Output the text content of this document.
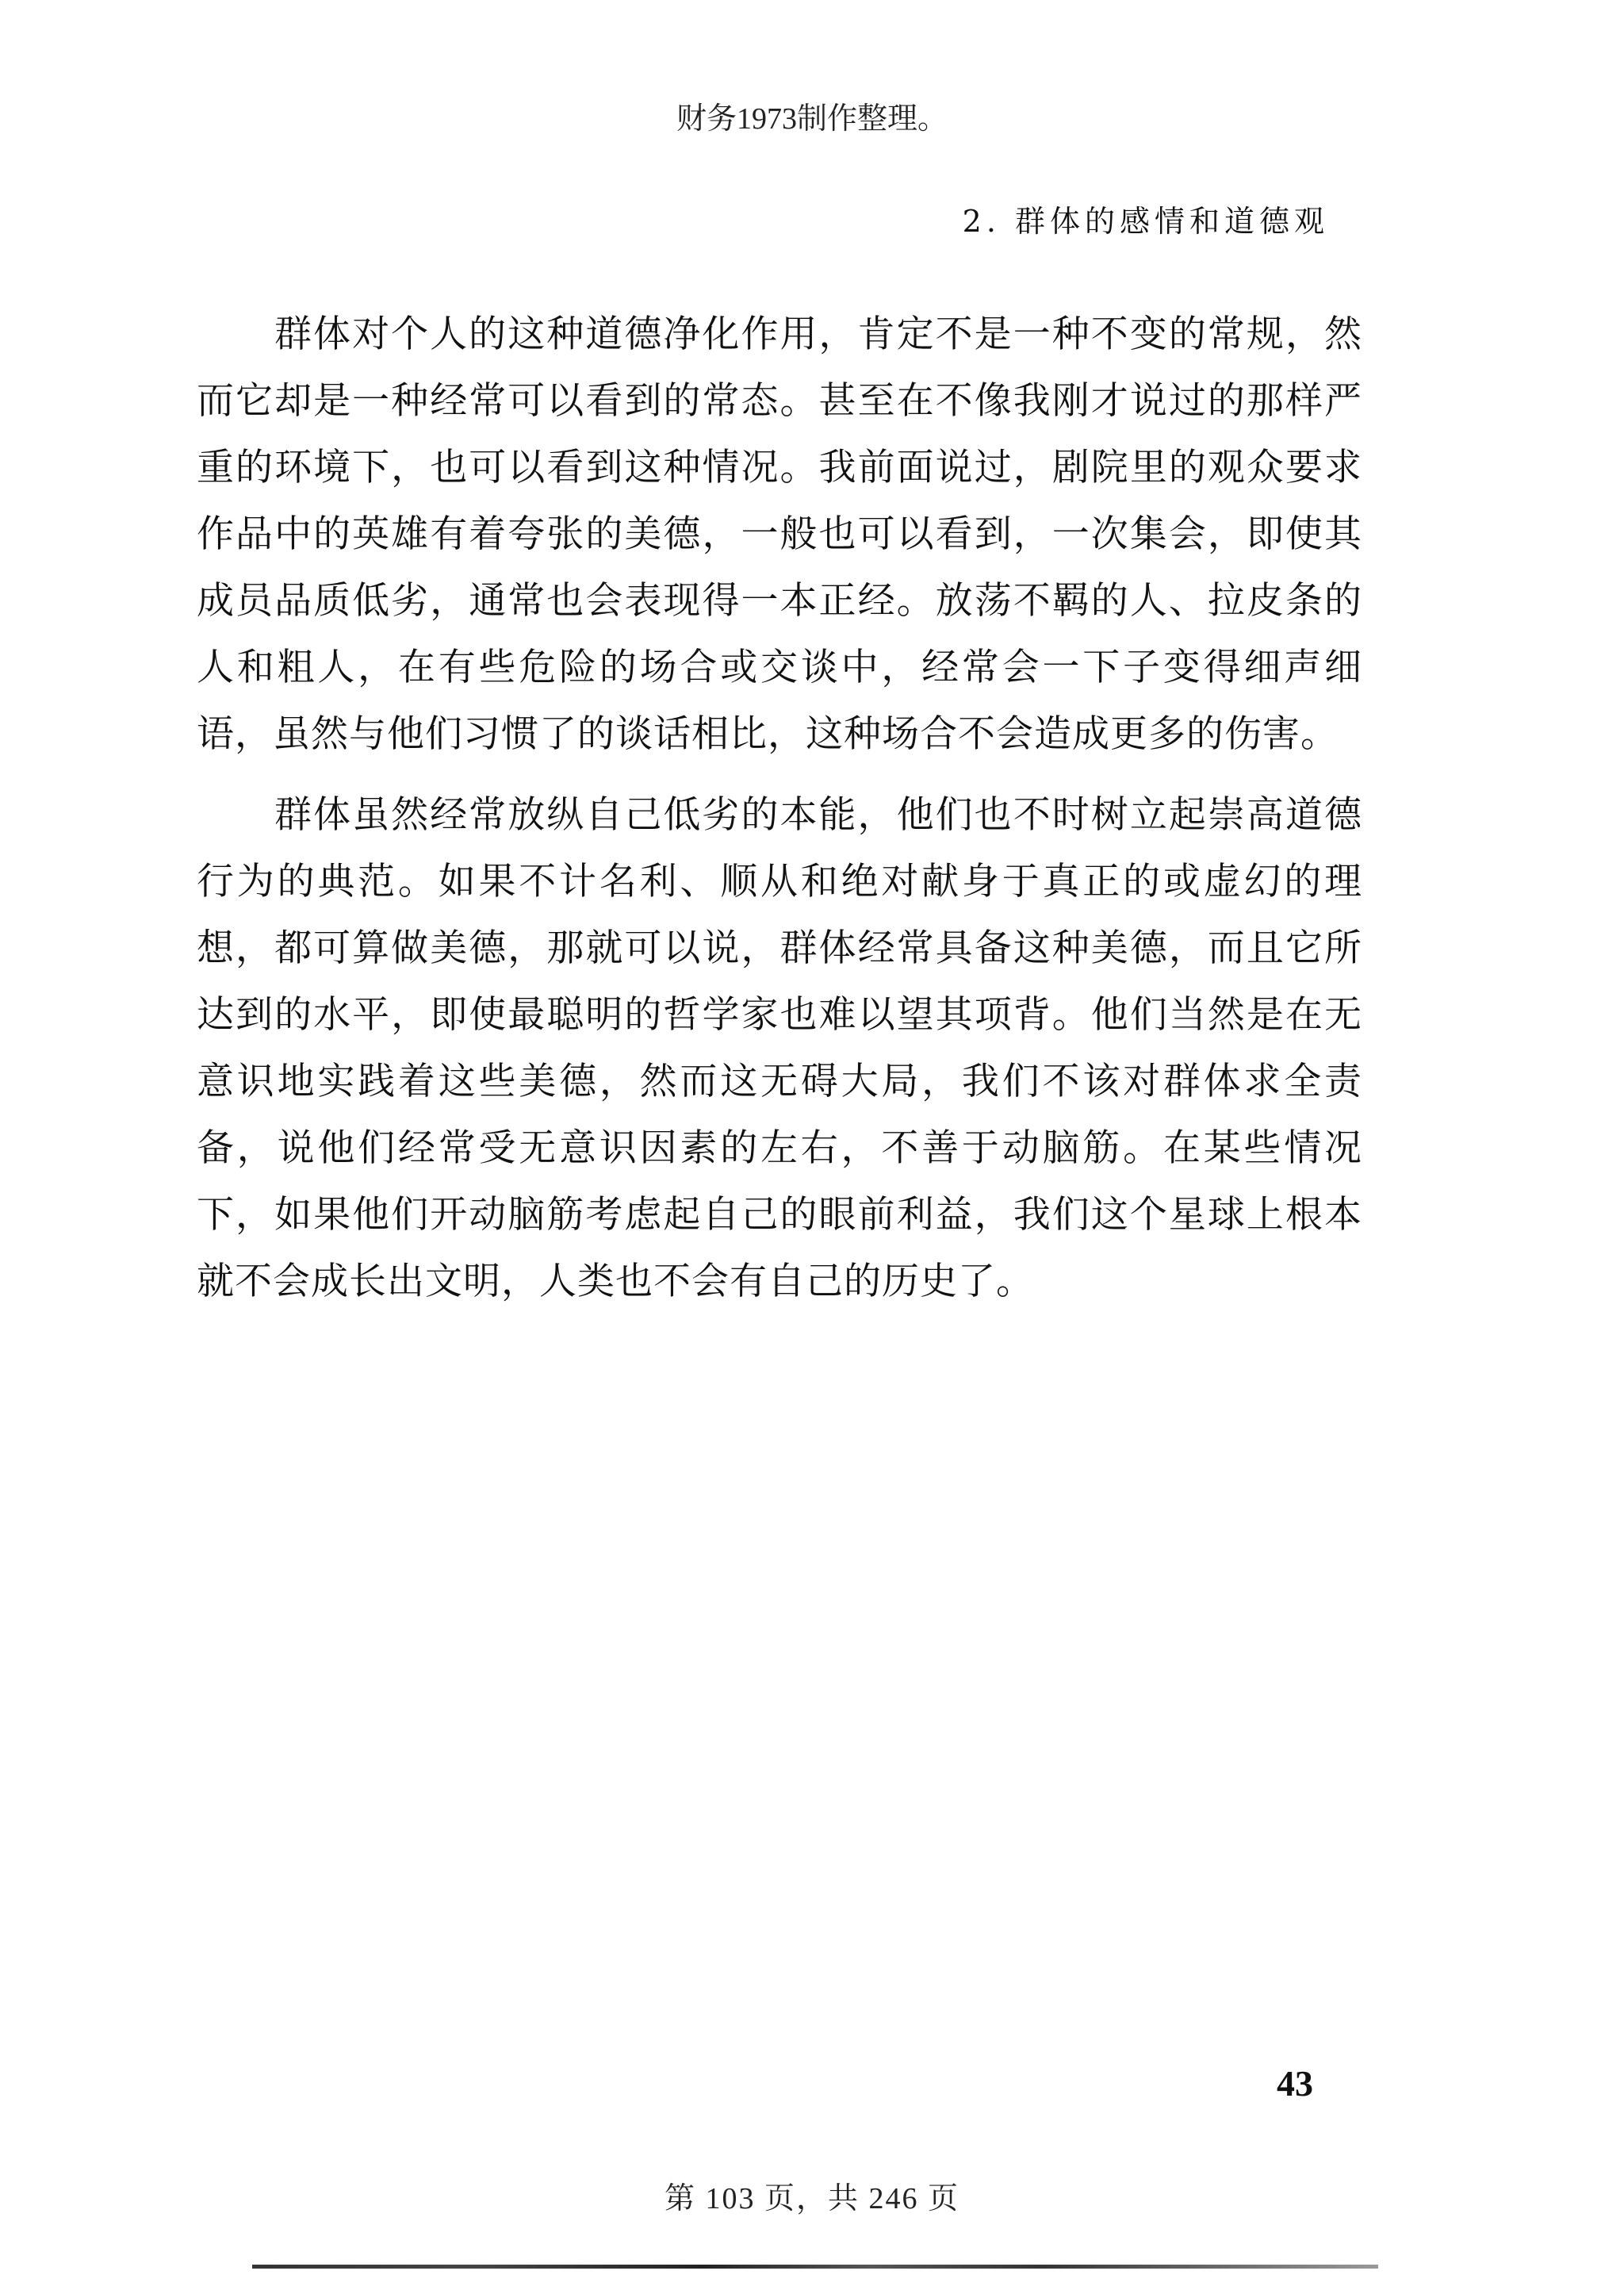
财务1973制作整理。
2. 群体的感情和道德观

群体对个人的这种道德净化作用，肯定不是一种不变的常规，然而它却是一种经常可以看到的常态。甚至在不像我刚才说过的那样严重的环境下，也可以看到这种情况。我前面说过，剧院里的观众要求作品中的英雄有着夸张的美德，一般也可以看到，一次集会，即使其成员品质低劣，通常也会表现得一本正经。放荡不羁的人、拉皮条的人和粗人，在有些危险的场合或交谈中，经常会一下子变得细声细语，虽然与他们习惯了的谈话相比，这种场合不会造成更多的伤害。

群体虽然经常放纵自己低劣的本能，他们也不时树立起崇高道德行为的典范。如果不计名利、顺从和绝对献身于真正的或虚幻的理想，都可算做美德，那就可以说，群体经常具备这种美德，而且它所达到的水平，即使最聪明的哲学家也难以望其项背。他们当然是在无意识地实践着这些美德，然而这无碍大局，我们不该对群体求全责备，说他们经常受无意识因素的左右，不善于动脑筋。在某些情况下，如果他们开动脑筋考虑起自己的眼前利益，我们这个星球上根本就不会成长出文明，人类也不会有自己的历史了。

43
第 103 页，共 246 页
